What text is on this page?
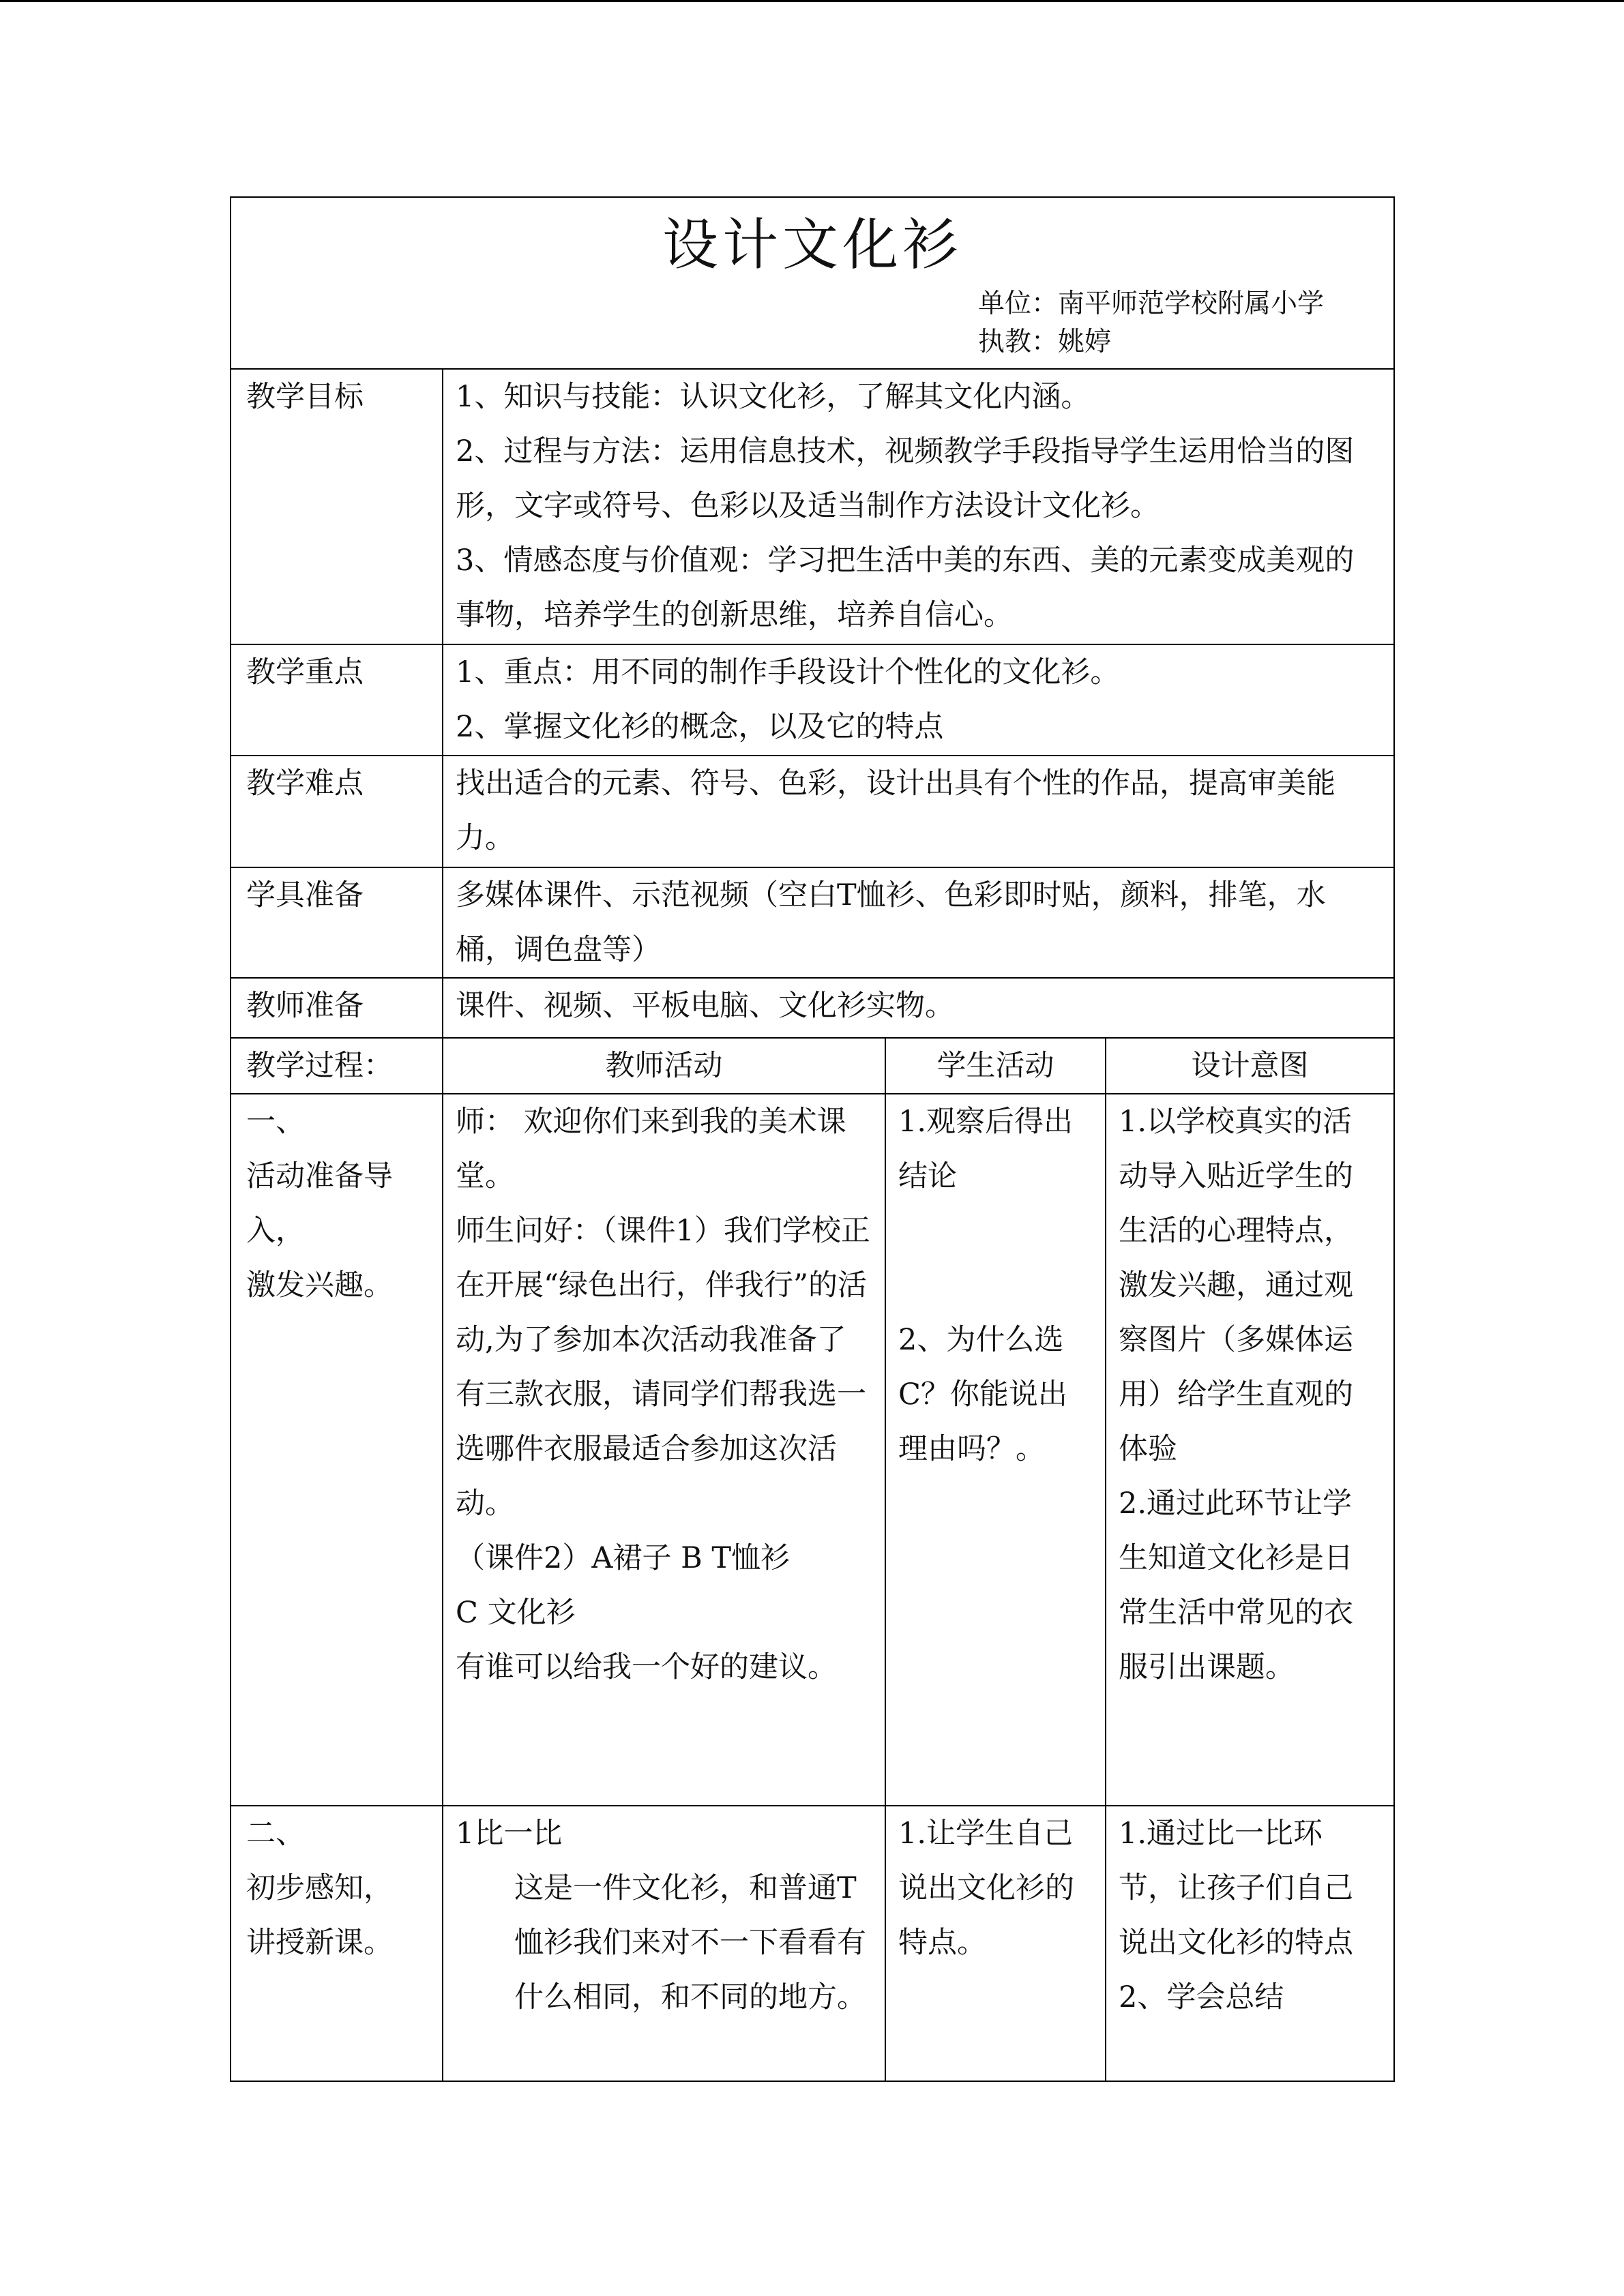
设计文化衫
单位：南平师范学校附属小学
执教：姚婷			

教学目标	1、知识与技能：认识文化衫，了解其文化内涵。
2、过程与方法：运用信息技术，视频教学手段指导学生运用恰当的图形，文字或符号、色彩以及适当制作方法设计文化衫。
3、情感态度与价值观：学习把生活中美的东西、美的元素变成美观的事物，培养学生的创新思维，培养自信心。		

教学重点	1、重点：用不同的制作手段设计个性化的文化衫。
2、掌握文化衫的概念，以及它的特点		

教学难点	找出适合的元素、符号、色彩，设计出具有个性的作品，提高审美能力。		
学具准备	多媒体课件、示范视频（空白T恤衫、色彩即时贴，颜料，排笔，水桶，调色盘等）		
教师准备	课件、视频、平板电脑、文化衫实物。		
教学过程：	教师活动	学生活动	设计意图

一、
活动准备导入，
激发兴趣。	师： 欢迎你们来到我的美术课堂。
师生问好：（课件1）我们学校正在开展“绿色出行，伴我行”的活动,为了参加本次活动我准备了有三款衣服，请同学们帮我选一选哪件衣服最适合参加这次活动。
（课件2）A裙子 B T恤衫
C 文化衫
有谁可以给我一个好的建议。	1.观察后得出结论

2、为什么选C？你能说出理由吗？。	1.以学校真实的活动导入贴近学生的生活的心理特点，激发兴趣，通过观察图片（多媒体运用）给学生直观的体验
2.通过此环节让学生知道文化衫是日常生活中常见的衣服引出课题。

二、
初步感知，
讲授新课。	1比一比
这是一件文化衫，和普通T恤衫我们来对不一下看看有什么相同，和不同的地方。	1.让学生自己说出文化衫的特点。	1.通过比一比环节，让孩子们自己说出文化衫的特点
2、学会总结
